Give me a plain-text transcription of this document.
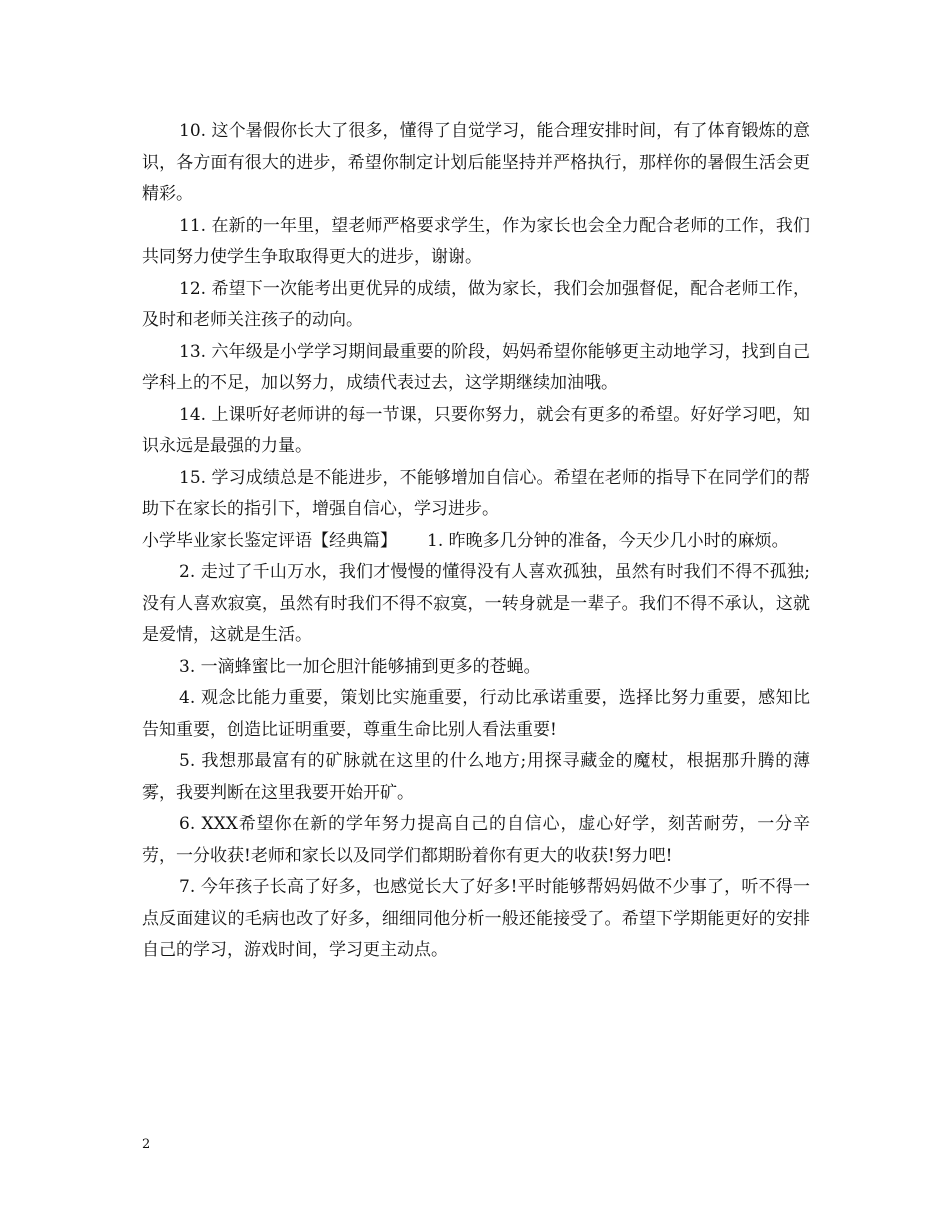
10. 这个暑假你长大了很多，懂得了自觉学习，能合理安排时间，有了体育锻炼的意识，各方面有很大的进步，希望你制定计划后能坚持并严格执行，那样你的暑假生活会更精彩。

11. 在新的一年里，望老师严格要求学生，作为家长也会全力配合老师的工作，我们共同努力使学生争取取得更大的进步，谢谢。

12. 希望下一次能考出更优异的成绩，做为家长，我们会加强督促，配合老师工作，及时和老师关注孩子的动向。

13. 六年级是小学学习期间最重要的阶段，妈妈希望你能够更主动地学习，找到自己学科上的不足，加以努力，成绩代表过去，这学期继续加油哦。

14. 上课听好老师讲的每一节课，只要你努力，就会有更多的希望。好好学习吧，知识永远是最强的力量。

15. 学习成绩总是不能进步，不能够增加自信心。希望在老师的指导下在同学们的帮助下在家长的指引下，增强自信心，学习进步。

小学毕业家长鉴定评语【经典篇】 1. 昨晚多几分钟的准备，今天少几小时的麻烦。

2. 走过了千山万水，我们才慢慢的懂得没有人喜欢孤独，虽然有时我们不得不孤独;没有人喜欢寂寞，虽然有时我们不得不寂寞，一转身就是一辈子。我们不得不承认，这就是爱情，这就是生活。

3. 一滴蜂蜜比一加仑胆汁能够捕到更多的苍蝇。

4. 观念比能力重要，策划比实施重要，行动比承诺重要，选择比努力重要，感知比告知重要，创造比证明重要，尊重生命比别人看法重要!

5. 我想那最富有的矿脉就在这里的什么地方;用探寻藏金的魔杖，根据那升腾的薄雾，我要判断在这里我要开始开矿。

6. XXX希望你在新的学年努力提高自己的自信心，虚心好学，刻苦耐劳，一分辛劳，一分收获!老师和家长以及同学们都期盼着你有更大的收获!努力吧!

7. 今年孩子长高了好多，也感觉长大了好多!平时能够帮妈妈做不少事了，听不得一点反面建议的毛病也改了好多，细细同他分析一般还能接受了。希望下学期能更好的安排自己的学习，游戏时间，学习更主动点。

2
